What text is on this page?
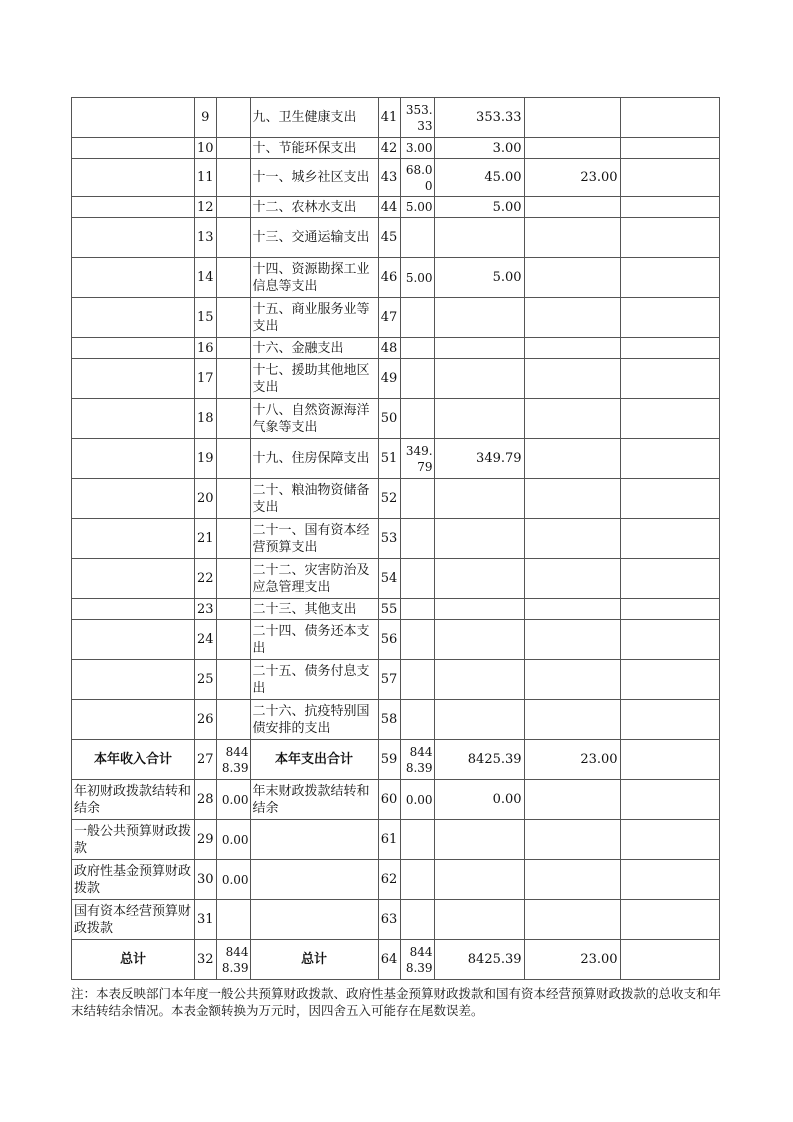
	9		九、卫生健康支出	41	353.33	353.33		
	10		十、节能环保支出	42	3.00	3.00		
	11		十一、城乡社区支出	43	68.00	45.00	23.00	
	12		十二、农林水支出	44	5.00	5.00		
	13		十三、交通运输支出	45				
	14		十四、资源勘探工业信息等支出	46	5.00	5.00		
	15		十五、商业服务业等支出	47				
	16		十六、金融支出	48				
	17		十七、援助其他地区支出	49				
	18		十八、自然资源海洋气象等支出	50				
	19		十九、住房保障支出	51	349.79	349.79		
	20		二十、粮油物资储备支出	52				
	21		二十一、国有资本经营预算支出	53				
	22		二十二、灾害防治及应急管理支出	54				
	23		二十三、其他支出	55				
	24		二十四、债务还本支出	56				
	25		二十五、债务付息支出	57				
	26		二十六、抗疫特别国债安排的支出	58				
本年收入合计	27	8448.39	本年支出合计	59	8448.39	8425.39	23.00	
年初财政拨款结转和结余	28	0.00	年末财政拨款结转和结余	60	0.00	0.00		
一般公共预算财政拨款	29	0.00		61				
政府性基金预算财政拨款	30	0.00		62				
国有资本经营预算财政拨款	31			63				
总计	32	8448.39	总计	64	8448.39	8425.39	23.00	
注：本表反映部门本年度一般公共预算财政拨款、政府性基金预算财政拨款和国有资本经营预算财政拨款的总收支和年末结转结余情况。本表金额转换为万元时，因四舍五入可能存在尾数误差。
